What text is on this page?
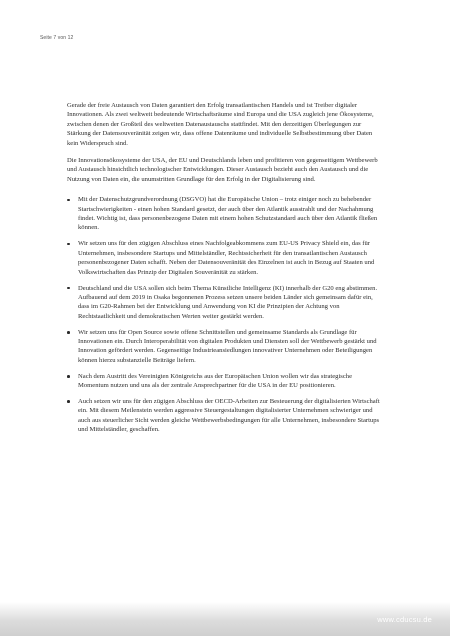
Seite 7 von 12

Gerade der freie Austausch von Daten garantiert den Erfolg transatlantischen Handels und ist Treiber digitaler Innovationen. Als zwei weltweit bedeutende Wirtschaftsräume sind Europa und die USA zugleich jene Ökosysteme, zwischen denen der Großteil des weltweiten Datenaustauschs stattfindet. Mit den derzeitigen Überlegungen zur Stärkung der Datensouveränität zeigen wir, dass offene Datenräume und individuelle Selbstbestimmung über Daten kein Widerspruch sind.

Die Innovationsökosysteme der USA, der EU und Deutschlands leben und profitieren von gegenseitigem Wettbewerb und Austausch hinsichtlich technologischer Entwicklungen. Dieser Austausch bezieht auch den Austausch und die Nutzung von Daten ein, die unumstritten Grundlage für den Erfolg in der Digitalisierung sind.

Mit der Datenschutzgrundverordnung (DSGVO) hat die Europäische Union – trotz einiger noch zu behebender Startschwierigkeiten - einen hohen Standard gesetzt, der auch über den Atlantik ausstrahlt und der Nachahmung findet. Wichtig ist, dass personenbezogene Daten mit einem hohen Schutzstandard auch über den Atlantik fließen können.
Wir setzen uns für den zügigen Abschluss eines Nachfolgeabkommens zum EU-US Privacy Shield ein, das für Unternehmen, insbesondere Startups und Mittelständler, Rechtssicherheit für den transatlantischen Austausch personenbezogener Daten schafft. Neben der Datensouveränität des Einzelnen ist auch in Bezug auf Staaten und Volkswirtschaften das Prinzip der Digitalen Souveränität zu stärken.
Deutschland und die USA sollen sich beim Thema Künstliche Intelligenz (KI) innerhalb der G20 eng abstimmen. Aufbauend auf dem 2019 in Osaka begonnenen Prozess setzen unsere beiden Länder sich gemeinsam dafür ein, dass im G20-Rahmen bei der Entwicklung und Anwendung von KI die Prinzipien der Achtung von Rechtstaatlichkeit und demokratischen Werten weiter gestärkt werden.
Wir setzen uns für Open Source sowie offene Schnittstellen und gemeinsame Standards als Grundlage für Innovationen ein. Durch Interoperabilität von digitalen Produkten und Diensten soll der Wettbewerb gestärkt und Innovation gefördert werden. Gegenseitige Industrieansiedlungen innovativer Unternehmen oder Beteiligungen können hierzu substanzielle Beiträge liefern.
Nach dem Austritt des Vereinigten Königreichs aus der Europäischen Union wollen wir das strategische Momentum nutzen und uns als der zentrale Ansprechpartner für die USA in der EU positionieren.
Auch setzen wir uns für den zügigen Abschluss der OECD-Arbeiten zur Besteuerung der digitalisierten Wirtschaft ein. Mit diesem Meilenstein werden aggressive Steuergestaltungen digitalisierter Unternehmen schwieriger und auch aus steuerlicher Sicht werden gleiche Wettbewerbsbedingungen für alle Unternehmen, insbesondere Startups und Mittelständler, geschaffen.
www.cducsu.de
